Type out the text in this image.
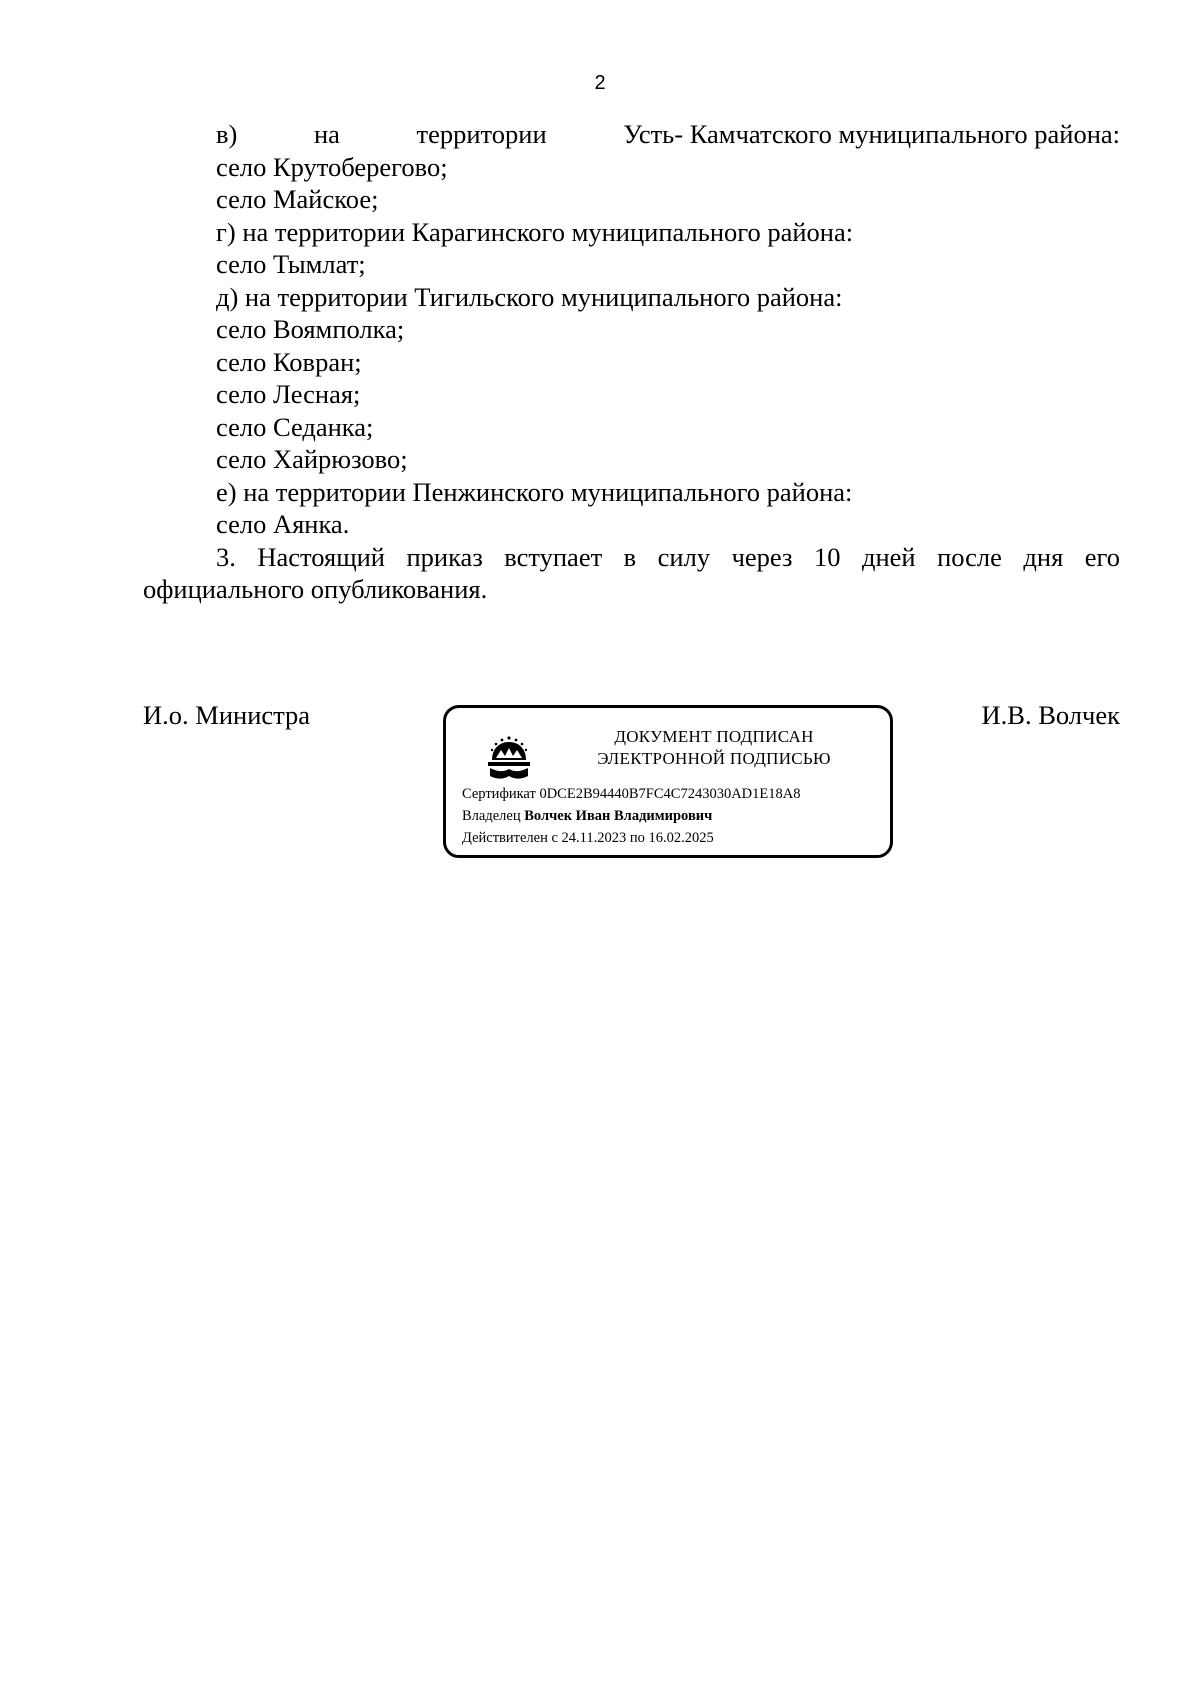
2
в)	на	территории	Усть- Камчатского муниципального района:
село Крутоберегово;
село Майское;
г) на территории Карагинского муниципального района:
село Тымлат;
д) на территории Тигильского муниципального района:
село Воямполка;
село Ковран;
село Лесная;
село Седанка;
село Хайрюзово;
е) на территории Пенжинского муниципального района:
село Аянка.
3. Настоящий приказ вступает в силу через 10 дней после дня его официального опубликования.
И.о. Министра	И.В. Волчек
ДОКУМЕНТ ПОДПИСАН
ЭЛЕКТРОННОЙ ПОДПИСЬЮ
Сертификат 0DCE2B94440B7FC4C7243030AD1E18A8
Владелец Волчек Иван Владимирович
Действителен с 24.11.2023 по 16.02.2025
